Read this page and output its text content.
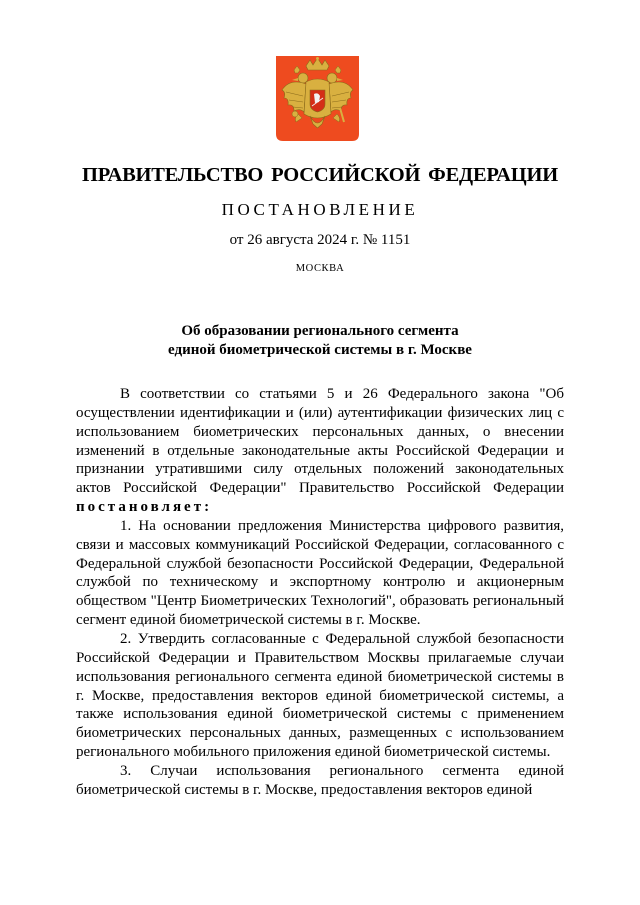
ПРАВИТЕЛЬСТВО РОССИЙСКОЙ ФЕДЕРАЦИИ
ПОСТАНОВЛЕНИЕ
от 26 августа 2024 г. № 1151
МОСКВА
Об образовании регионального сегмента
единой биометрической системы в г. Москве

В соответствии со статьями 5 и 26 Федерального закона "Об осуществлении идентификации и (или) аутентификации физических лиц с использованием биометрических персональных данных, о внесении изменений в отдельные законодательные акты Российской Федерации и признании утратившими силу отдельных положений законодательных актов Российской Федерации" Правительство Российской Федерации постановляет:

1. На основании предложения Министерства цифрового развития, связи и массовых коммуникаций Российской Федерации, согласованного с Федеральной службой безопасности Российской Федерации, Федеральной службой по техническому и экспортному контролю и акционерным обществом "Центр Биометрических Технологий", образовать региональный сегмент единой биометрической системы в г. Москве.

2. Утвердить согласованные с Федеральной службой безопасности Российской Федерации и Правительством Москвы прилагаемые случаи использования регионального сегмента единой биометрической системы в г. Москве, предоставления векторов единой биометрической системы, а также использования единой биометрической системы с применением биометрических персональных данных, размещенных с использованием регионального мобильного приложения единой биометрической системы.

3. Случаи использования регионального сегмента единой биометрической системы в г. Москве, предоставления векторов единой
